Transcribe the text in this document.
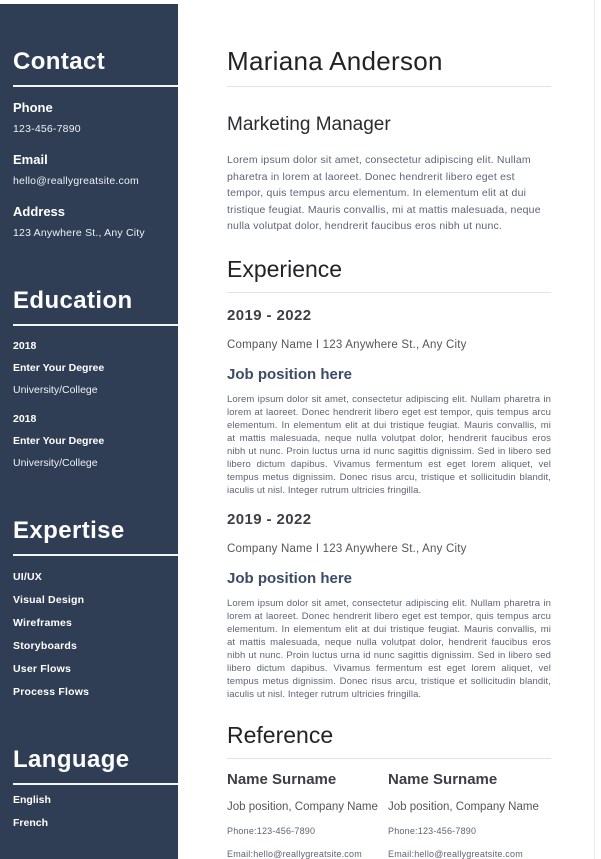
Contact
Phone
123-456-7890
Email
hello@reallygreatsite.com
Address
123 Anywhere St., Any City
Education
2018
Enter Your Degree
University/College
2018
Enter Your Degree
University/College
Expertise
UI/UX
Visual Design
Wireframes
Storyboards
User Flows
Process Flows
Language
English
French
Mariana Anderson
Marketing Manager
Lorem ipsum dolor sit amet, consectetur adipiscing elit. Nullam pharetra in lorem at laoreet. Donec hendrerit libero eget est tempor, quis tempus arcu elementum. In elementum elit at dui tristique feugiat. Mauris convallis, mi at mattis malesuada, neque nulla volutpat dolor, hendrerit faucibus eros nibh ut nunc.
Experience
2019 - 2022
Company Name I 123 Anywhere St., Any City
Job position here
Lorem ipsum dolor sit amet, consectetur adipiscing elit. Nullam pharetra in lorem at laoreet. Donec hendrerit libero eget est tempor, quis tempus arcu elementum. In elementum elit at dui tristique feugiat. Mauris convallis, mi at mattis malesuada, neque nulla volutpat dolor, hendrerit faucibus eros nibh ut nunc. Proin luctus urna id nunc sagittis dignissim. Sed in libero sed libero dictum dapibus. Vivamus fermentum est eget lorem aliquet, vel tempus metus dignissim. Donec risus arcu, tristique et sollicitudin blandit, iaculis ut nisl. Integer rutrum ultricies fringilla.
2019 - 2022
Company Name I 123 Anywhere St., Any City
Job position here
Lorem ipsum dolor sit amet, consectetur adipiscing elit. Nullam pharetra in lorem at laoreet. Donec hendrerit libero eget est tempor, quis tempus arcu elementum. In elementum elit at dui tristique feugiat. Mauris convallis, mi at mattis malesuada, neque nulla volutpat dolor, hendrerit faucibus eros nibh ut nunc. Proin luctus urna id nunc sagittis dignissim. Sed in libero sed libero dictum dapibus. Vivamus fermentum est eget lorem aliquet, vel tempus metus dignissim. Donec risus arcu, tristique et sollicitudin blandit, iaculis ut nisl. Integer rutrum ultricies fringilla.
Reference
Name Surname
Job position, Company Name
Phone:123-456-7890
Email:hello@reallygreatsite.com
Name Surname
Job position, Company Name
Phone:123-456-7890
Email:hello@reallygreatsite.com
